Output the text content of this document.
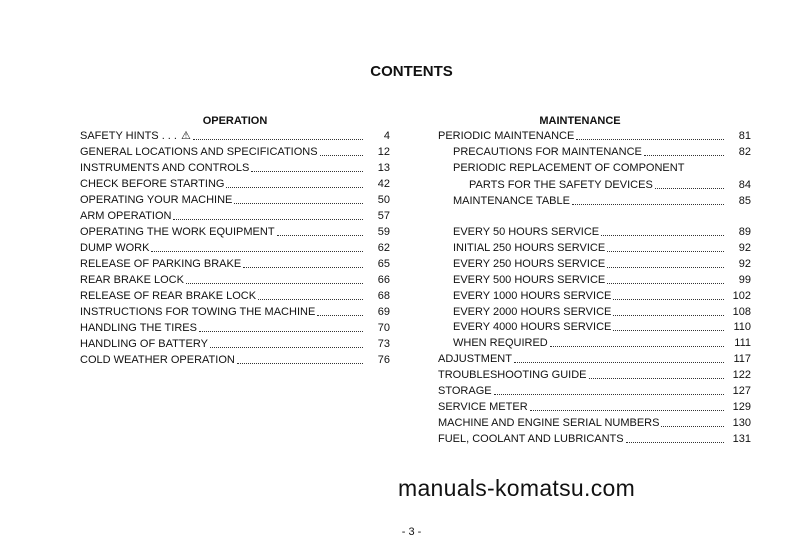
CONTENTS
OPERATION	MAINTENANCE
SAFETY HINTS . . . ⚠	4
GENERAL LOCATIONS AND SPECIFICATIONS	12
INSTRUMENTS AND CONTROLS	13
CHECK BEFORE STARTING	42
OPERATING YOUR MACHINE	50
ARM OPERATION	57
OPERATING THE WORK EQUIPMENT	59
DUMP WORK	62
RELEASE OF PARKING BRAKE	65
REAR BRAKE LOCK	66
RELEASE OF REAR BRAKE LOCK	68
INSTRUCTIONS FOR TOWING THE MACHINE	69
HANDLING THE TIRES	70
HANDLING OF BATTERY	73
COLD WEATHER OPERATION	76
PERIODIC MAINTENANCE	81
PRECAUTIONS FOR MAINTENANCE	82
PERIODIC REPLACEMENT OF COMPONENT
PARTS FOR THE SAFETY DEVICES	84
MAINTENANCE TABLE	85
EVERY 50 HOURS SERVICE	89
INITIAL 250 HOURS SERVICE	92
EVERY 250 HOURS SERVICE	92
EVERY 500 HOURS SERVICE	99
EVERY 1000 HOURS SERVICE	102
EVERY 2000 HOURS SERVICE	108
EVERY 4000 HOURS SERVICE	110
WHEN REQUIRED	111
ADJUSTMENT	117
TROUBLESHOOTING GUIDE	122
STORAGE	127
SERVICE METER	129
MACHINE AND ENGINE SERIAL NUMBERS	130
FUEL, COOLANT AND LUBRICANTS	131
manuals-komatsu.com
- 3 -
